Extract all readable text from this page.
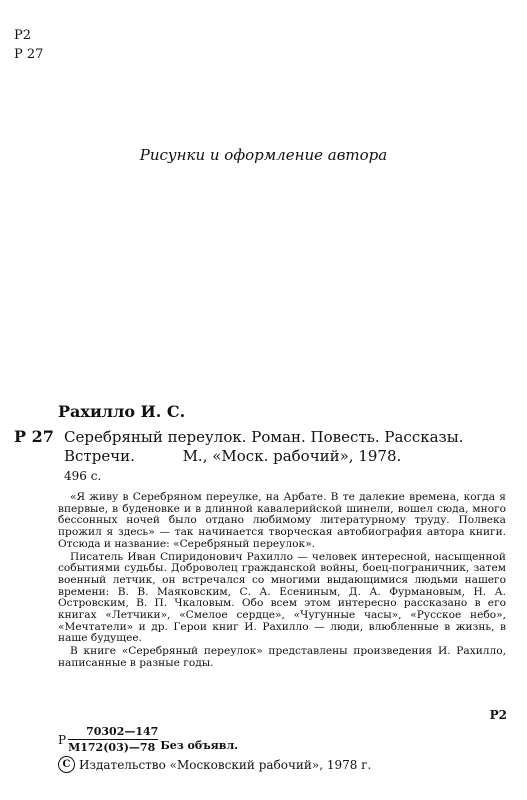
Р2
Р 27
Рисунки и оформление автора
Рахилло И. С.
Р 27 Серебряный переулок. Роман. Повесть. Рассказы.
Встречи.          М., «Моск. рабочий», 1978.
496 с.

«Я живу в Серебряном переулке, на Арбате. В те далекие времена, когда я впервые, в буденовке и в длинной кавалерийской шинели, вошел сюда, много бессонных ночей было отдано любимому литературному труду. Полвека прожил я здесь» — так начинается творческая автобиография автора книги. Отсюда и название: «Серебряный переулок».

Писатель Иван Спиридонович Рахилло — человек интересной, насыщенной событиями судьбы. Доброволец гражданской войны, боец-пограничник, затем военный летчик, он встречался со многими выдающимися людьми нашего времени: В. В. Маяковским, С. А. Есениным, Д. А. Фурмановым, Н. А. Островским, В. П. Чкаловым. Обо всем этом интересно рассказано в его книгах «Летчики», «Смелое сердце», «Чугунные часы», «Русское небо», «Мечтатели» и др. Герои книг И. Рахилло — люди, влюбленные в жизнь, в наше будущее.

В книге «Серебряный переулок» представлены произведения И. Рахилло, написанные в разные годы.

Р2
Р $\frac{70302—147}{М172(03)—78}$ Без объявл.
C Издательство «Московский рабочий», 1978 г.
